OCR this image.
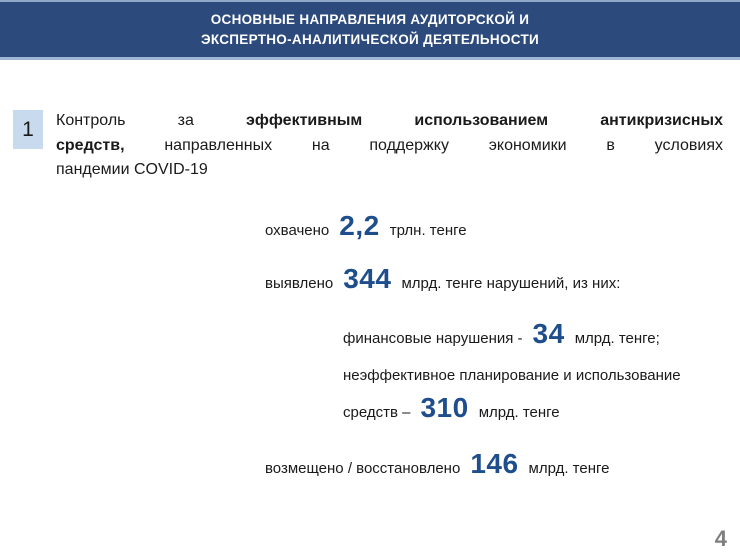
ОСНОВНЫЕ НАПРАВЛЕНИЯ АУДИТОРСКОЙ И
ЭКСПЕРТНО-АНАЛИТИЧЕСКОЙ ДЕЯТЕЛЬНОСТИ
1	Контроль за	эффективным использованием антикризисных
средств, направленных на поддержку экономики в условиях
пандемии COVID-19
охвачено 2,2 трлн. тенге
выявлено 344 млрд. тенге нарушений, из них:
финансовые нарушения - 34 млрд. тенге;
неэффективное планирование и использование
средств – 310 млрд. тенге
возмещено / восстановлено 146 млрд. тенге
4
